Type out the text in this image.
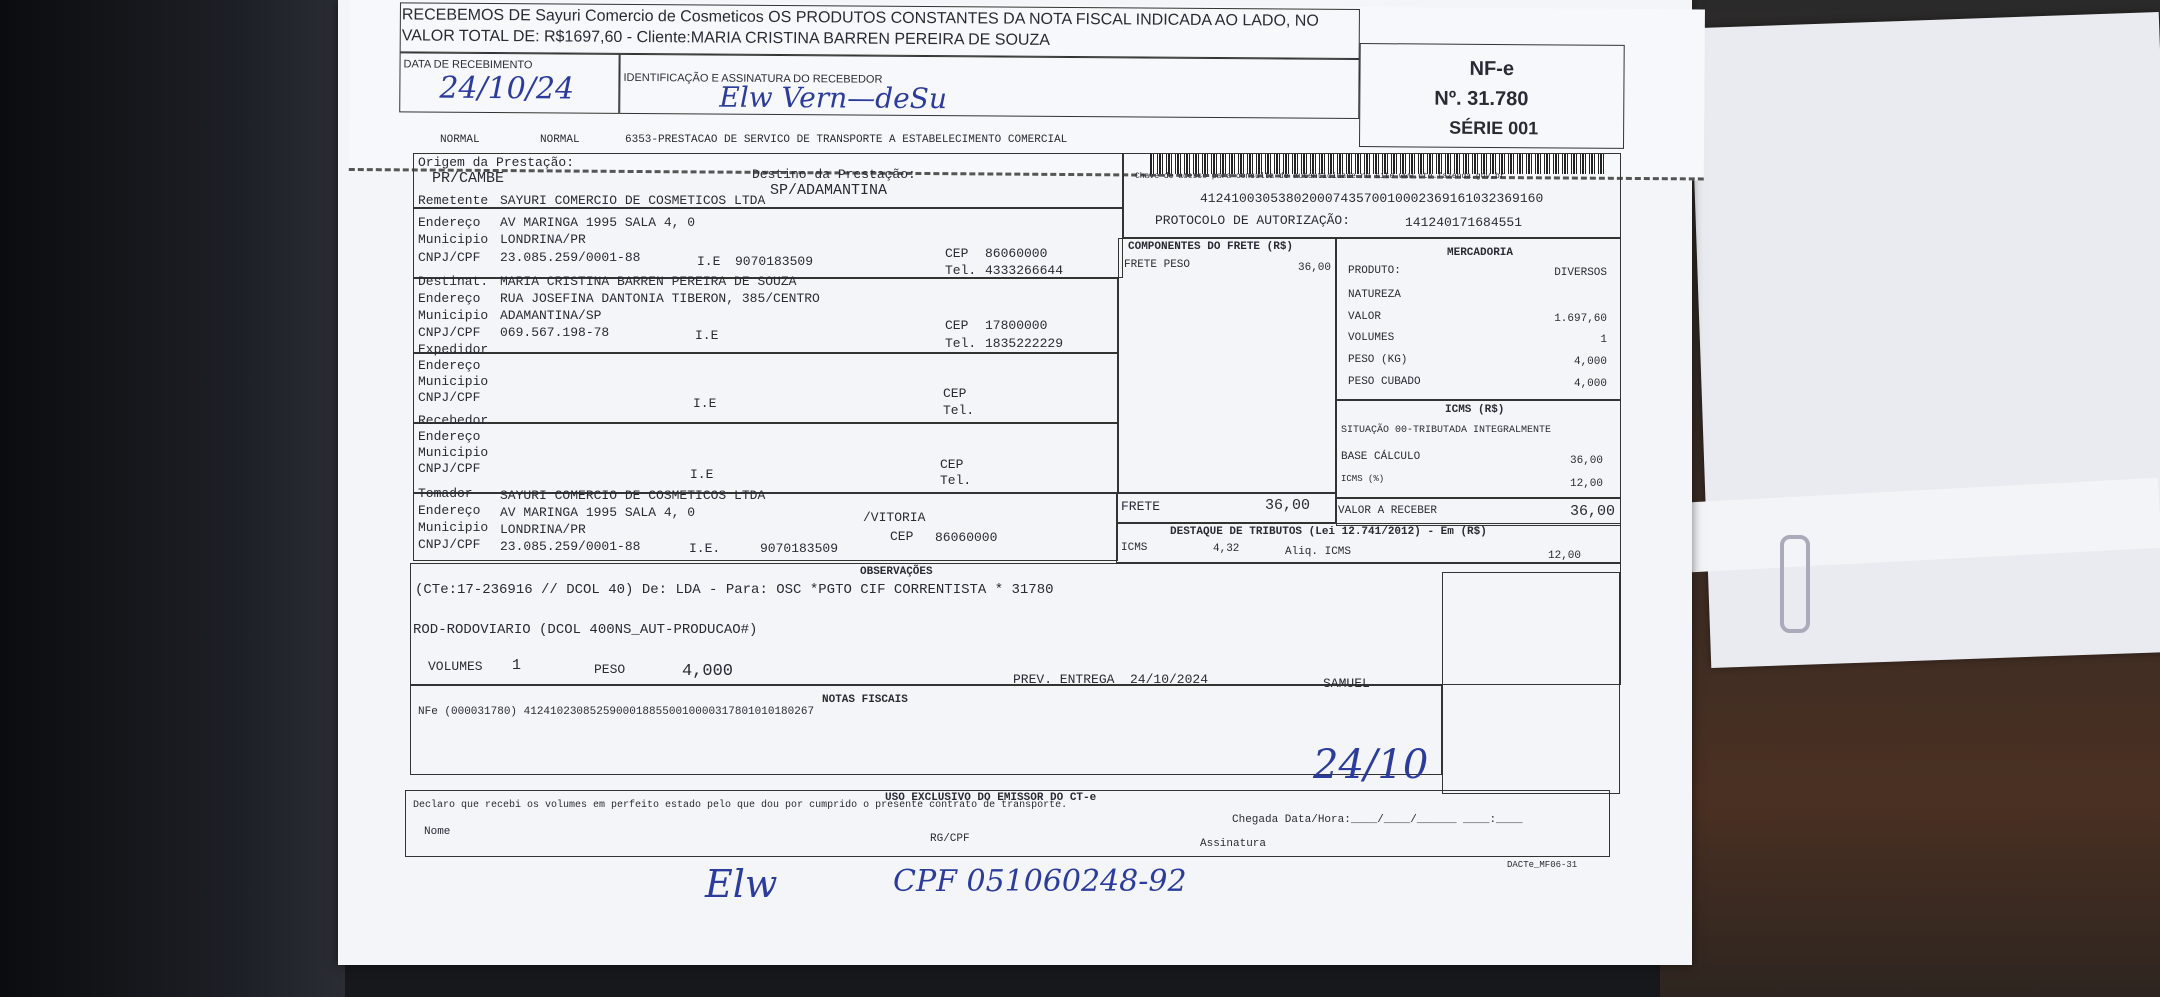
RECEBEMOS DE Sayuri Comercio de Cosmeticos OS PRODUTOS CONSTANTES DA NOTA FISCAL INDICADA AO LADO, NO VALOR TOTAL DE: R$1697,60 - Cliente:MARIA CRISTINA BARREN PEREIRA DE SOUZA
DATA DE RECEBIMENTO
24/10/24	IDENTIFICAÇÃO E ASSINATURA DO RECEBEDOR
Elw Vern—deSu
NF-e
Nº. 31.780
SÉRIE 001
NORMAL	NORMAL	6353-PRESTACAO DE SERVICO DE TRANSPORTE A ESTABELECIMENTO COMERCIAL
Chave de acesso para consulta de autenticidade no site www.cte.fazenda.gov.br
41241003053802000743570010002369161032369160
PROTOCOLO DE AUTORIZAÇÃO:	141240171684551
Origem da Prestação:
PR/CAMBE	Destino da Prestação:
SP/ADAMANTINA
Remetente SAYURI COMERCIO DE COSMETICOS LTDA
Endereço AV MARINGA 1995 SALA 4, 0
Municipio LONDRINA/PR
CNPJ/CPF 23.085.259/0001-88	I.E 9070183509
CEP 86060000
Tel. 4333266644
Destinat. MARIA CRISTINA BARREN PEREIRA DE SOUZA
Endereço RUA JOSEFINA DANTONIA TIBERON, 385/CENTRO
Municipio ADAMANTINA/SP
CNPJ/CPF 069.567.198-78	I.E
CEP 17800000
Tel. 1835222229
Expedidor
Endereço
Municipio
CNPJ/CPF	I.E
CEP
Tel.
Recebedor
Endereço
Municipio
CNPJ/CPF	I.E
CEP
Tel.
Tomador SAYURI COMERCIO DE COSMETICOS LTDA
Endereço AV MARINGA 1995 SALA 4, 0	/VITORIA
Municipio LONDRINA/PR
CNPJ/CPF 23.085.259/0001-88	I.E.	9070183509
CEP 86060000
COMPONENTES DO FRETE (R$)
FRETE PESO	36,00
FRETE	36,00
MERCADORIA
PRODUTO:	DIVERSOS
NATUREZA
VALOR	1.697,60
VOLUMES	1
PESO (KG)	4,000
PESO CUBADO	4,000
ICMS (R$)
SITUAÇÃO 00-TRIBUTADA INTEGRALMENTE
BASE CÁLCULO	36,00
ICMS (%)	12,00
VALOR A RECEBER	36,00
DESTAQUE DE TRIBUTOS (Lei 12.741/2012) - Em (R$)
ICMS	4,32	Aliq. ICMS	12,00
OBSERVAÇÕES
(CTe:17-236916 // DCOL 40) De: LDA - Para: OSC *PGTO CIF CORRENTISTA * 31780
ROD-RODOVIARIO (DCOL 400NS_AUT-PRODUCAO#)
VOLUMES 1	PESO	4,000	PREV. ENTREGA 24/10/2024	SAMUEL
NOTAS FISCAIS
NFe (000031780) 41241023085259000188550010000317801010180267
24/10
USO EXCLUSIVO DO EMISSOR DO CT-e
Declaro que recebi os volumes em perfeito estado pelo que dou por cumprido o presente contrato de transporte.
Chegada Data/Hora:____/____/______ ____:____
Nome
RG/CPF	Assinatura
DACTe_MF06-31
Elw	CPF 051060248-92
